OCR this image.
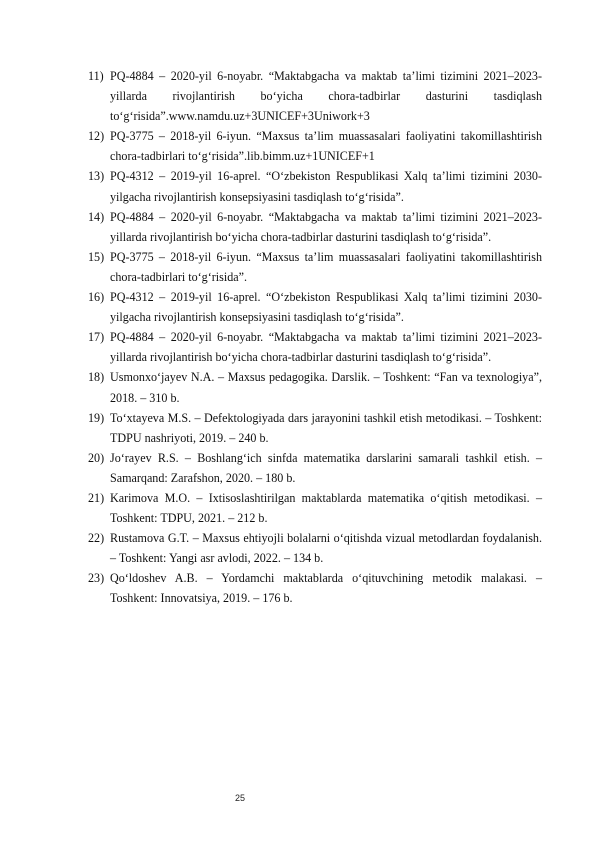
11) PQ-4884 – 2020-yil 6-noyabr. “Maktabgacha va maktab ta’limi tizimini 2021–2023-yillarda rivojlantirish bo‘yicha chora-tadbirlar dasturini tasdiqlash to‘g‘risida”.www.namdu.uz+3UNICEF+3Uniwork+3
12) PQ-3775 – 2018-yil 6-iyun. “Maxsus ta’lim muassasalari faoliyatini takomillashtirish chora-tadbirlari to‘g‘risida”.lib.bimm.uz+1UNICEF+1
13) PQ-4312 – 2019-yil 16-aprel. “O‘zbekiston Respublikasi Xalq ta’limi tizimini 2030-yilgacha rivojlantirish konsepsiyasini tasdiqlash to‘g‘risida”.
14) PQ-4884 – 2020-yil 6-noyabr. “Maktabgacha va maktab ta’limi tizimini 2021–2023-yillarda rivojlantirish bo‘yicha chora-tadbirlar dasturini tasdiqlash to‘g‘risida”.
15) PQ-3775 – 2018-yil 6-iyun. “Maxsus ta’lim muassasalari faoliyatini takomillashtirish chora-tadbirlari to‘g‘risida”.
16) PQ-4312 – 2019-yil 16-aprel. “O‘zbekiston Respublikasi Xalq ta’limi tizimini 2030-yilgacha rivojlantirish konsepsiyasini tasdiqlash to‘g‘risida”.
17) PQ-4884 – 2020-yil 6-noyabr. “Maktabgacha va maktab ta’limi tizimini 2021–2023-yillarda rivojlantirish bo‘yicha chora-tadbirlar dasturini tasdiqlash to‘g‘risida”.
18) Usmonxo‘jayev N.A. – Maxsus pedagogika. Darslik. – Toshkent: “Fan va texnologiya”, 2018. – 310 b.
19) To‘xtayeva M.S. – Defektologiyada dars jarayonini tashkil etish metodikasi. – Toshkent: TDPU nashriyoti, 2019. – 240 b.
20) Jo‘rayev R.S. – Boshlang‘ich sinfda matematika darslarini samarali tashkil etish. – Samarqand: Zarafshon, 2020. – 180 b.
21) Karimova M.O. – Ixtisoslashtirilgan maktablarda matematika o‘qitish metodikasi. – Toshkent: TDPU, 2021. – 212 b.
22) Rustamova G.T. – Maxsus ehtiyojli bolalarni o‘qitishda vizual metodlardan foydalanish. – Toshkent: Yangi asr avlodi, 2022. – 134 b.
23) Qo‘ldoshev A.B. – Yordamchi maktablarda o‘qituvchining metodik malakasi. – Toshkent: Innovatsiya, 2019. – 176 b.
25
